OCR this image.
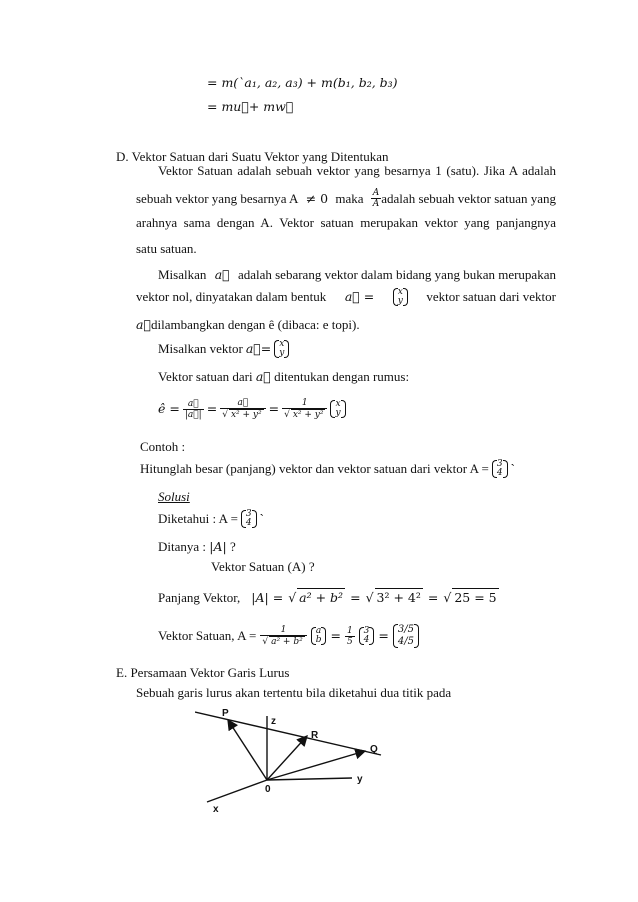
= m(`a₁, a₂, a₃) + m(b₁, b₂, b₃)
= mu⃗+ mw⃗
D. Vektor Satuan dari Suatu Vektor yang Ditentukan
Vektor Satuan adalah sebuah vektor yang besarnya 1 (satu). Jika A adalah
sebuah vektor yang besarnya A ≠ 0 maka $\frac{A}{A}$ adalah sebuah vektor satuan yang
arahnya sama dengan A. Vektor satuan merupakan vektor yang panjangnya
satu satuan.
Misalkan a⃗ adalah sebarang vektor dalam bidang yang bukan merupakan
vektor nol, dinyatakan dalam bentuk a⃗ =	x
y vektor satuan dari vektor
a⃗dilambangkan dengan ê (dibaca: e topi).
Misalkan vektor a⃗= x
y
Vektor satuan dari a⃗ ditentukan dengan rumus:
ê = $\frac{a⃗}{|a⃗|} = \frac{a⃗}{\text{√ x² + y²}} = \frac{1}{\text{√ x² + y²}}$ x
y
Contoh :
Hitunglah besar (panjang) vektor dan vektor satuan dari vektor A = 3
4 `
Solusi
Diketahui : A = 3
4 `
Ditanya : |A| ?
Vektor Satuan (A) ?
Panjang Vektor, |A| = √ a² + b² = √ 3² + 4² = √ 25 = 5
Vektor Satuan, $A = \frac{1}{\text{√ a² + b²}}$ a
$b = \frac{1}{5} 3$
4 = 3/5
4/5
E. Persamaan Vektor Garis Lurus
Sebuah garis lurus akan tertentu bila diketahui dua titik pada
P
z
R
Q
y
0
x
